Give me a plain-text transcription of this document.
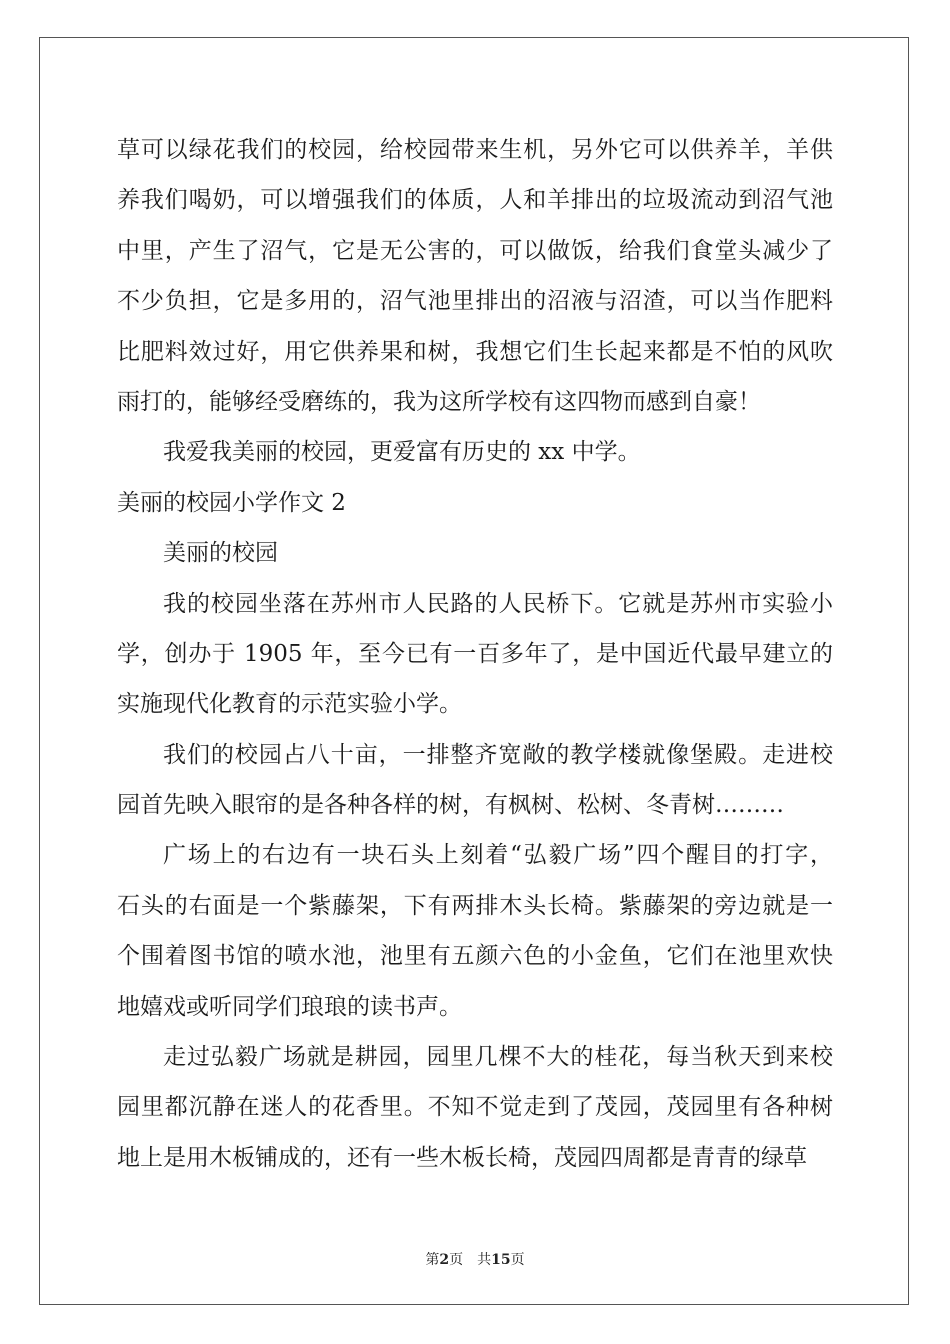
草可以绿花我们的校园，给校园带来生机，另外它可以供养羊，羊供
养我们喝奶，可以增强我们的体质，人和羊排出的垃圾流动到沼气池
中里，产生了沼气，它是无公害的，可以做饭，给我们食堂头减少了
不少负担，它是多用的，沼气池里排出的沼液与沼渣，可以当作肥料
比肥料效过好，用它供养果和树，我想它们生长起来都是不怕的风吹
雨打的，能够经受磨练的，我为这所学校有这四物而感到自豪！
我爱我美丽的校园，更爱富有历史的 xx 中学。
美丽的校园小学作文 2
美丽的校园
我的校园坐落在苏州市人民路的人民桥下。它就是苏州市实验小
学，创办于 1905 年，至今已有一百多年了，是中国近代最早建立的
实施现代化教育的示范实验小学。
我们的校园占八十亩，一排整齐宽敞的教学楼就像堡殿。走进校
园首先映入眼帘的是各种各样的树，有枫树、松树、冬青树………
广场上的右边有一块石头上刻着“弘毅广场”四个醒目的打字，
石头的右面是一个紫藤架，下有两排木头长椅。紫藤架的旁边就是一
个围着图书馆的喷水池，池里有五颜六色的小金鱼，它们在池里欢快
地嬉戏或听同学们琅琅的读书声。
走过弘毅广场就是耕园，园里几棵不大的桂花，每当秋天到来校
园里都沉静在迷人的花香里。不知不觉走到了茂园，茂园里有各种树
地上是用木板铺成的，还有一些木板长椅，茂园四周都是青青的绿草
第2页 共15页
